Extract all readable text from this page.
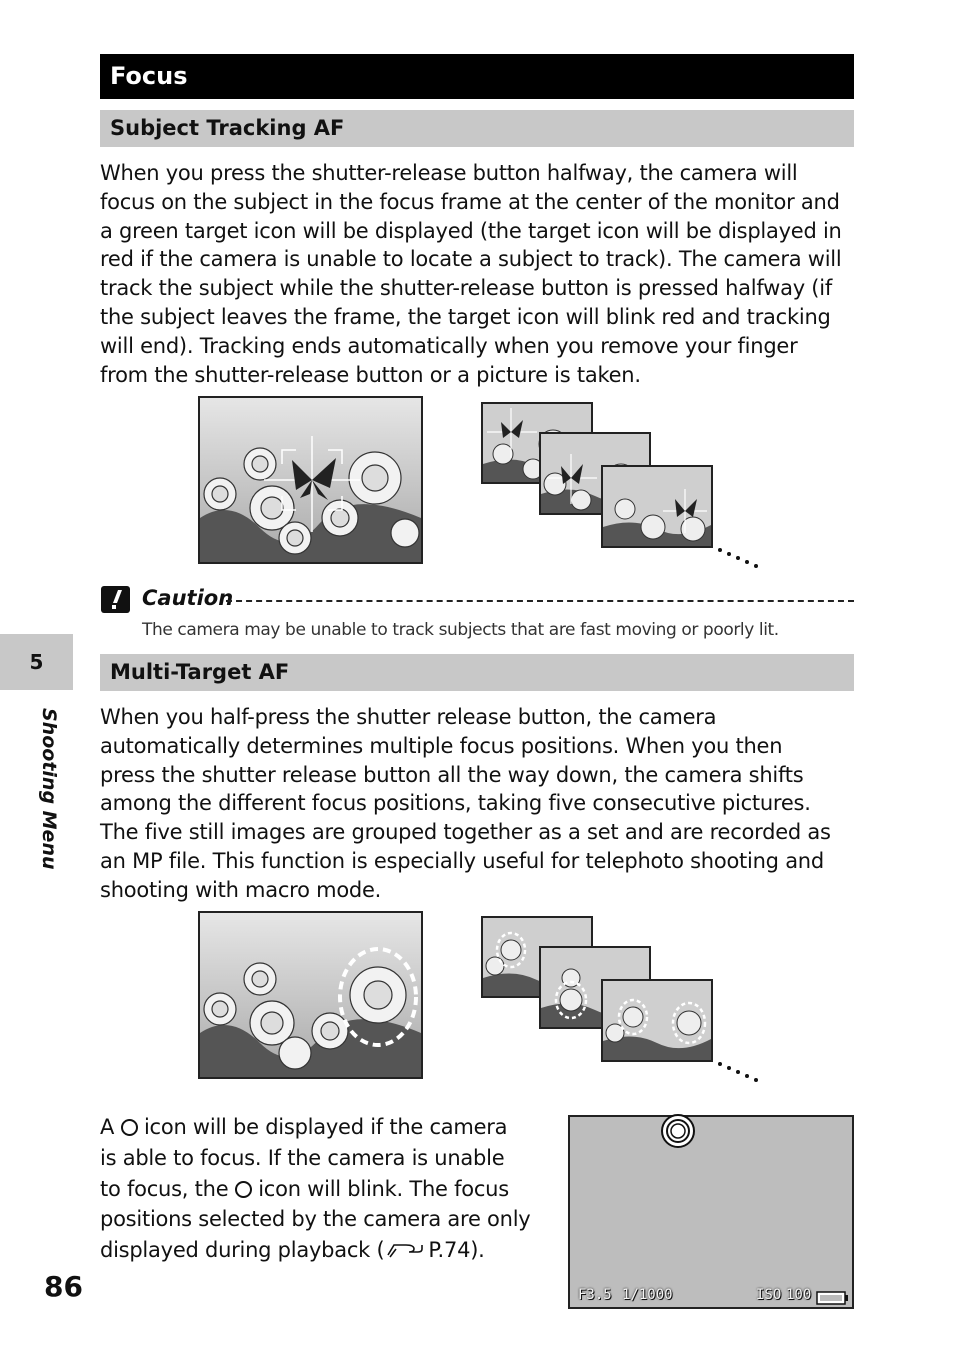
Focus
Subject Tracking AF
When you press the shutter-release button halfway, the camera will
focus on the subject in the focus frame at the center of the monitor and
a green target icon will be displayed (the target icon will be displayed in
red if the camera is unable to locate a subject to track). The camera will
track the subject while the shutter-release button is pressed halfway (if
the subject leaves the frame, the target icon will blink red and tracking
will end). Tracking ends automatically when you remove your finger
from the shutter-release button or a picture is taken.
Caution
The camera may be unable to track subjects that are fast moving or poorly lit.
Multi-Target AF
When you half-press the shutter release button, the camera
automatically determines multiple focus positions. When you then
press the shutter release button all the way down, the camera shifts
among the different focus positions, taking five consecutive pictures.
The five still images are grouped together as a set and are recorded as
an MP file. This function is especially useful for telephoto shooting and
shooting with macro mode.
A  icon will be displayed if the camera
is able to focus. If the camera is unable
to focus, the  icon will blink. The focus
positions selected by the camera are only
displayed during playback ( P.74).
F3.5 1/1000	ISO 100
5
Shooting Menu
86
